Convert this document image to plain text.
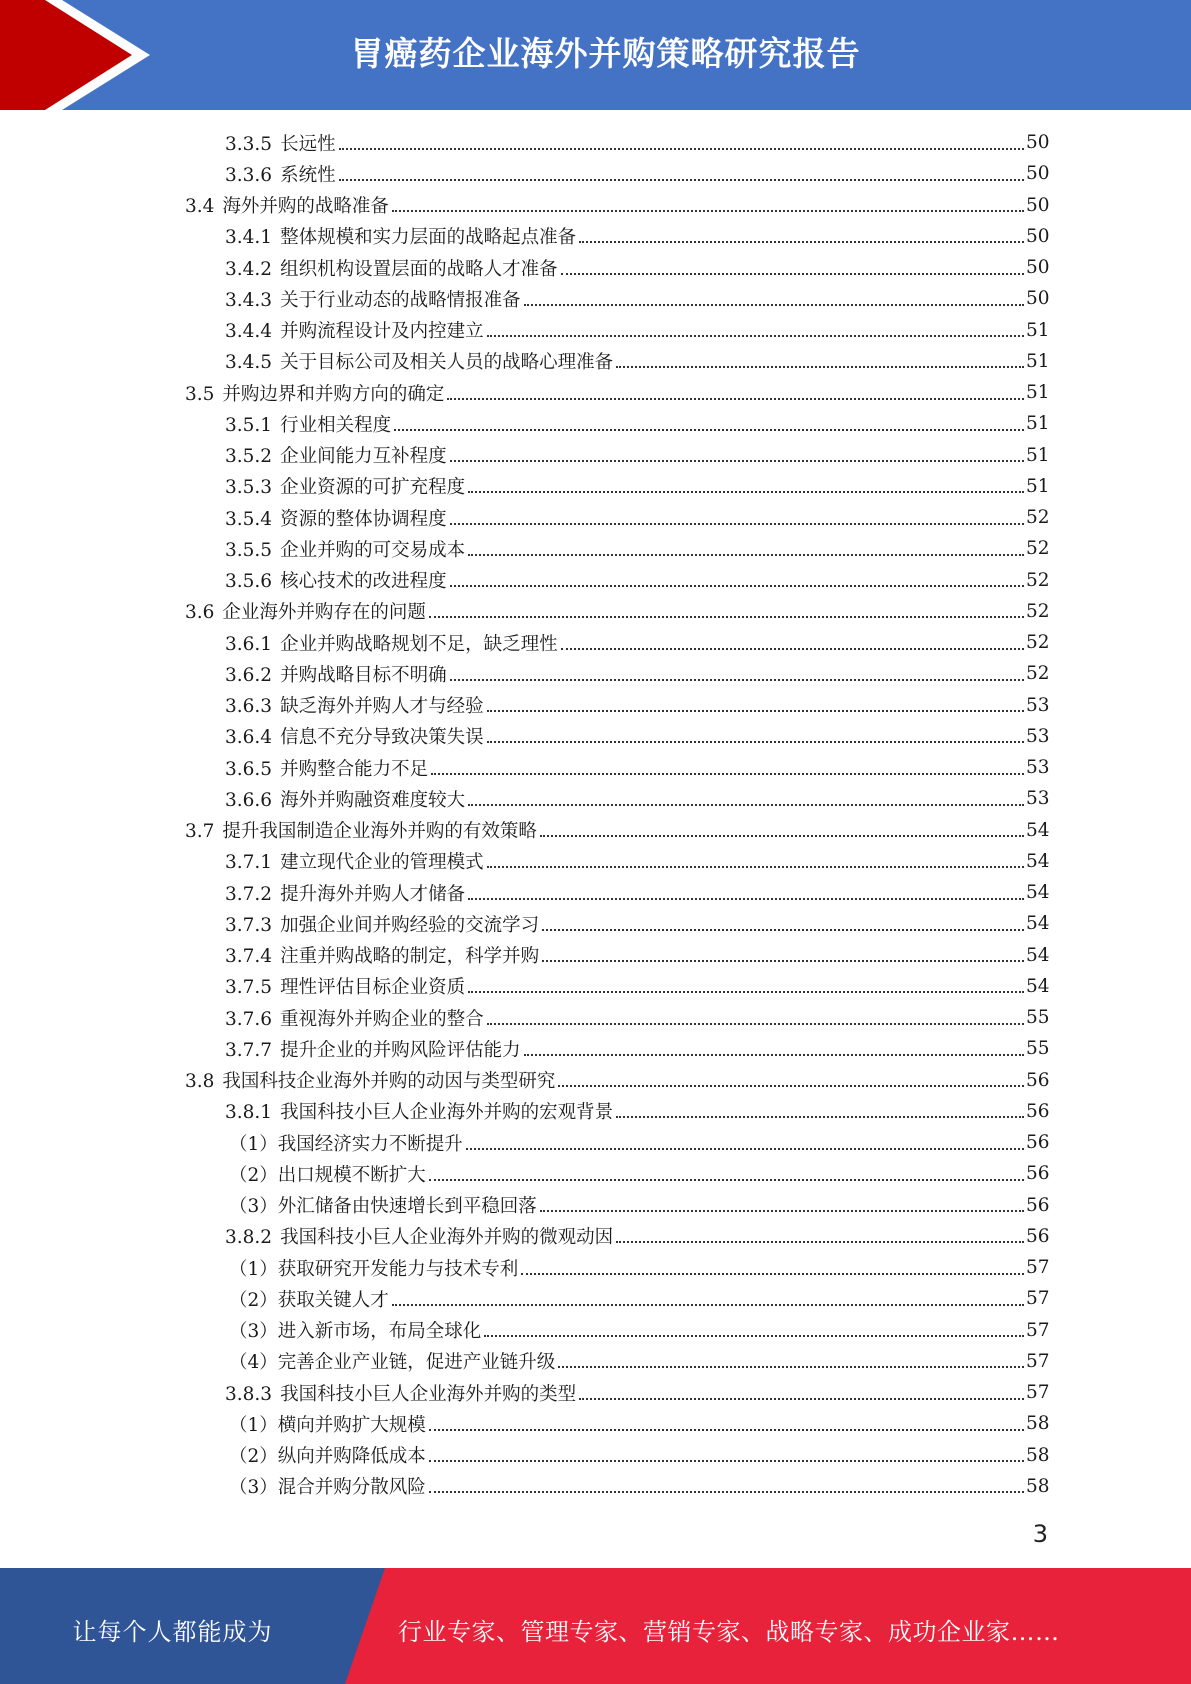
胃癌药企业海外并购策略研究报告
3.3.5 长远性	50
3.3.6 系统性	50
3.4 海外并购的战略准备	50
3.4.1 整体规模和实力层面的战略起点准备	50
3.4.2 组织机构设置层面的战略人才准备	50
3.4.3 关于行业动态的战略情报准备	50
3.4.4 并购流程设计及内控建立	51
3.4.5 关于目标公司及相关人员的战略心理准备	51
3.5 并购边界和并购方向的确定	51
3.5.1 行业相关程度	51
3.5.2 企业间能力互补程度	51
3.5.3 企业资源的可扩充程度	51
3.5.4 资源的整体协调程度	52
3.5.5 企业并购的可交易成本	52
3.5.6 核心技术的改进程度	52
3.6 企业海外并购存在的问题	52
3.6.1 企业并购战略规划不足，缺乏理性	52
3.6.2 并购战略目标不明确	52
3.6.3 缺乏海外并购人才与经验	53
3.6.4 信息不充分导致决策失误	53
3.6.5 并购整合能力不足	53
3.6.6 海外并购融资难度较大	53
3.7 提升我国制造企业海外并购的有效策略	54
3.7.1 建立现代企业的管理模式	54
3.7.2 提升海外并购人才储备	54
3.7.3 加强企业间并购经验的交流学习	54
3.7.4 注重并购战略的制定，科学并购	54
3.7.5 理性评估目标企业资质	54
3.7.6 重视海外并购企业的整合	55
3.7.7 提升企业的并购风险评估能力	55
3.8 我国科技企业海外并购的动因与类型研究	56
3.8.1 我国科技小巨人企业海外并购的宏观背景	56
（1）我国经济实力不断提升	56
（2）出口规模不断扩大	56
（3）外汇储备由快速增长到平稳回落	56
3.8.2 我国科技小巨人企业海外并购的微观动因	56
（1）获取研究开发能力与技术专利	57
（2）获取关键人才	57
（3）进入新市场，布局全球化	57
（4）完善企业产业链，促进产业链升级	57
3.8.3 我国科技小巨人企业海外并购的类型	57
（1）横向并购扩大规模	58
（2）纵向并购降低成本	58
（3）混合并购分散风险	58
3
让每个人都能成为	行业专家、管理专家、营销专家、战略专家、成功企业家……
